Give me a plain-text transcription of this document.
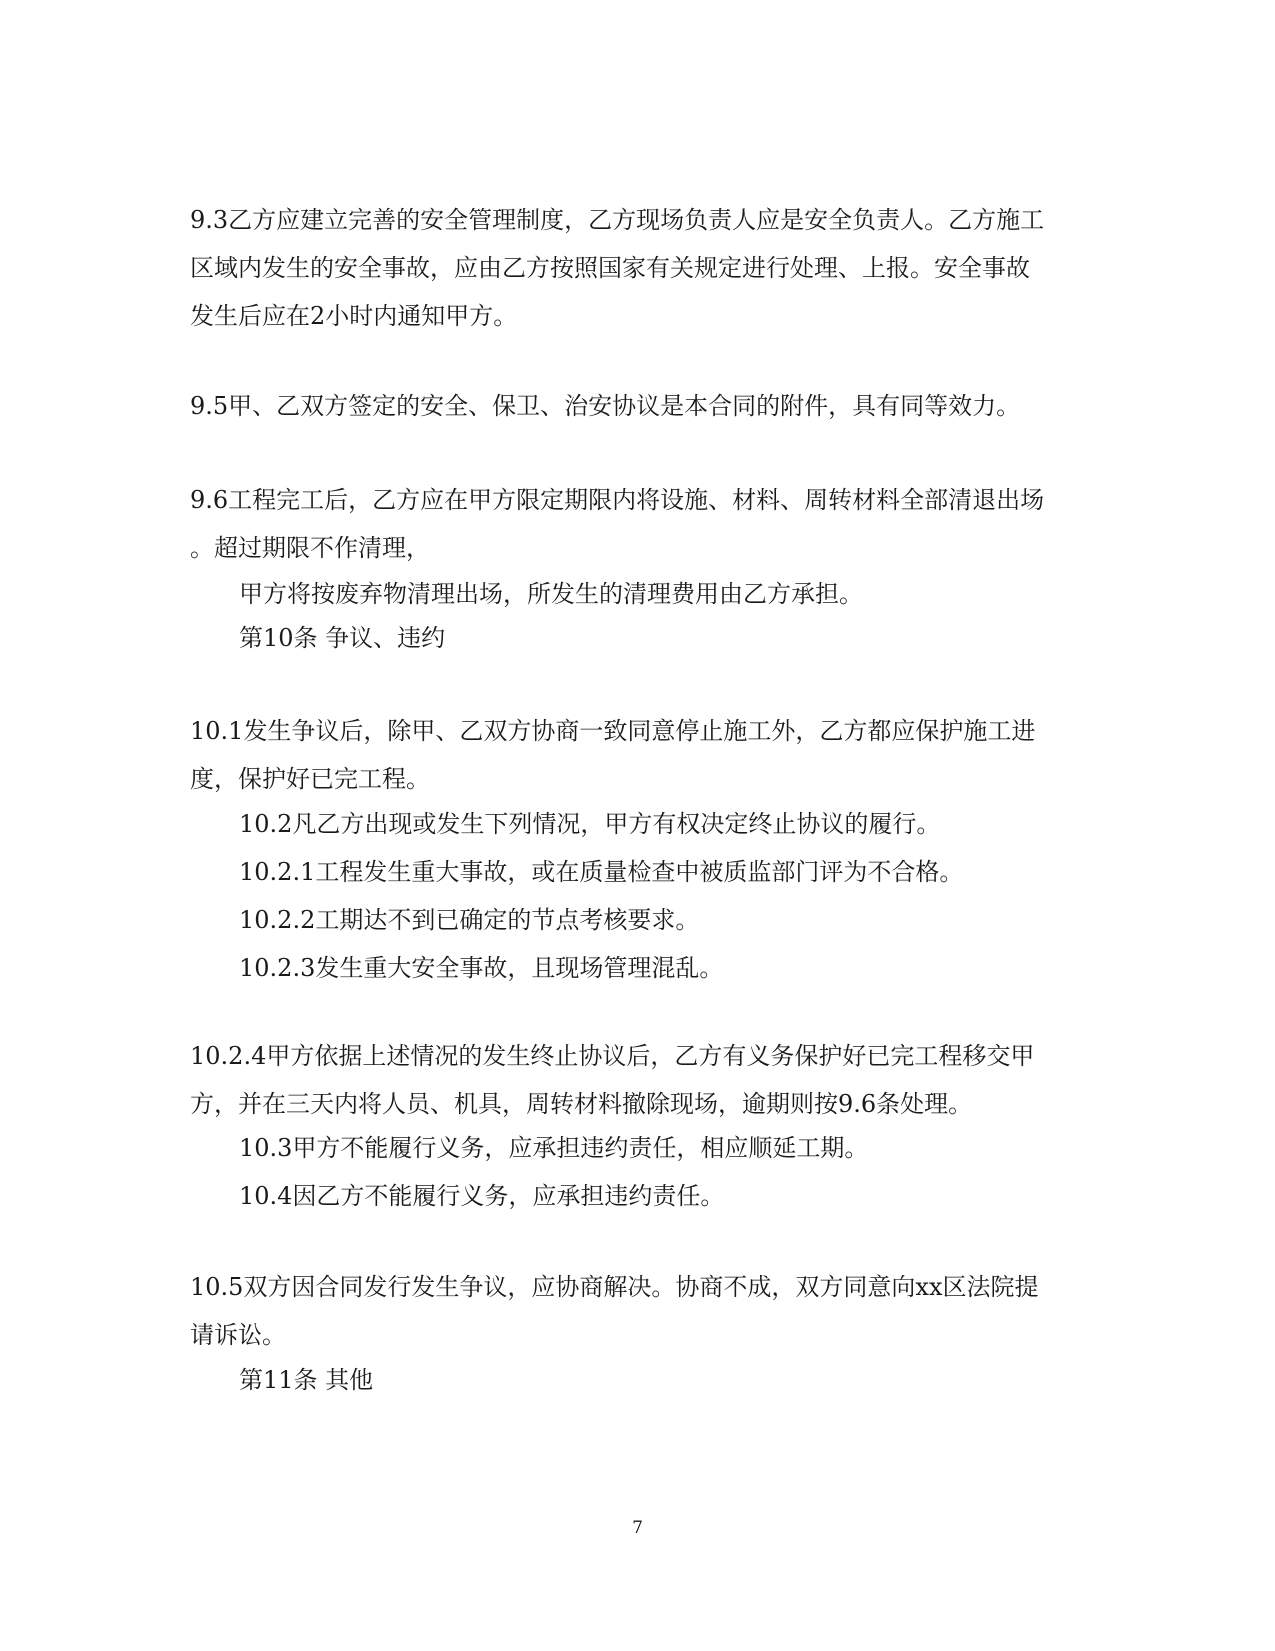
9.3乙方应建立完善的安全管理制度，乙方现场负责人应是安全负责人。乙方施工
区域内发生的安全事故，应由乙方按照国家有关规定进行处理、上报。安全事故
发生后应在2小时内通知甲方。
9.5甲、乙双方签定的安全、保卫、治安协议是本合同的附件，具有同等效力。
9.6工程完工后，乙方应在甲方限定期限内将设施、材料、周转材料全部清退出场
。超过期限不作清理，
甲方将按废弃物清理出场，所发生的清理费用由乙方承担。
第10条 争议、违约
10.1发生争议后，除甲、乙双方协商一致同意停止施工外，乙方都应保护施工进
度，保护好已完工程。
10.2凡乙方出现或发生下列情况，甲方有权决定终止协议的履行。
10.2.1工程发生重大事故，或在质量检查中被质监部门评为不合格。
10.2.2工期达不到已确定的节点考核要求。
10.2.3发生重大安全事故，且现场管理混乱。
10.2.4甲方依据上述情况的发生终止协议后，乙方有义务保护好已完工程移交甲
方，并在三天内将人员、机具，周转材料撤除现场，逾期则按9.6条处理。
10.3甲方不能履行义务，应承担违约责任，相应顺延工期。
10.4因乙方不能履行义务，应承担违约责任。
10.5双方因合同发行发生争议，应协商解决。协商不成，双方同意向xx区法院提
请诉讼。
第11条 其他
7
